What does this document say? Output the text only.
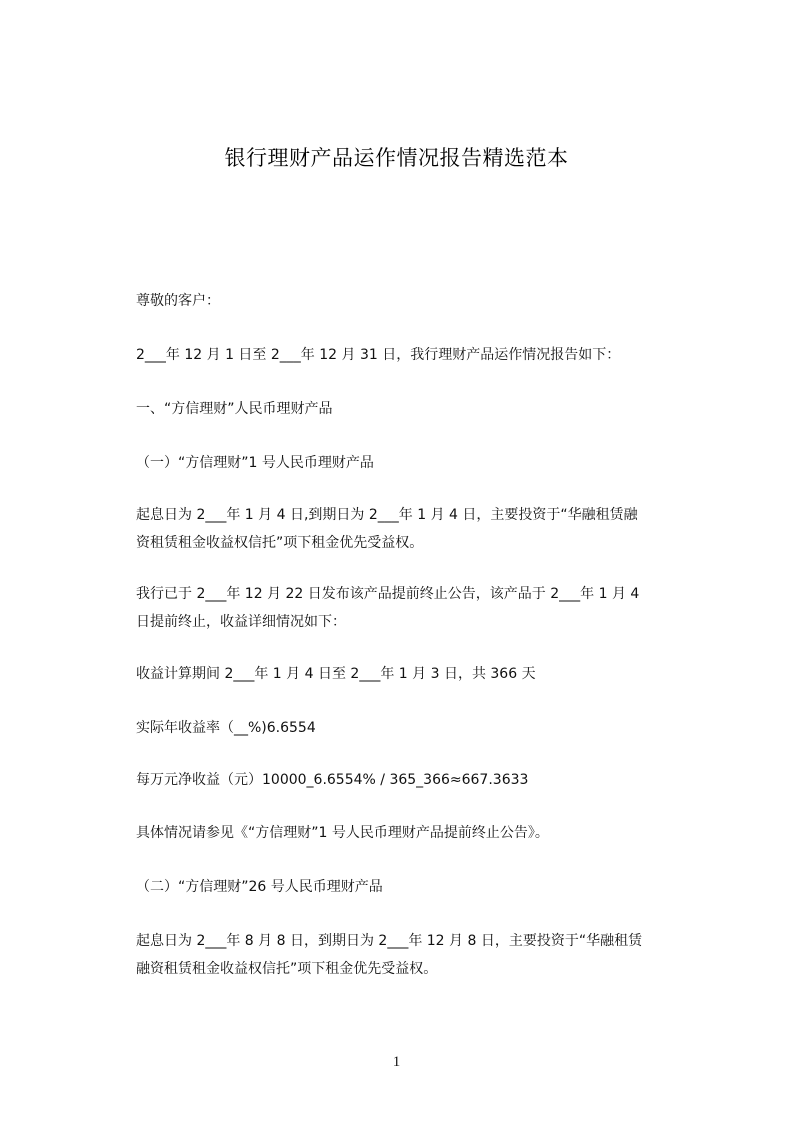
银行理财产品运作情况报告精选范本
尊敬的客户：
2___年 12 月 1 日至 2___年 12 月 31 日，我行理财产品运作情况报告如下：
一、“方信理财”人民币理财产品
（一）“方信理财”1 号人民币理财产品
起息日为 2___年 1 月 4 日,到期日为 2___年 1 月 4 日，主要投资于“华融租赁融
资租赁租金收益权信托”项下租金优先受益权。
我行已于 2___年 12 月 22 日发布该产品提前终止公告，该产品于 2___年 1 月 4
日提前终止，收益详细情况如下：
收益计算期间 2___年 1 月 4 日至 2___年 1 月 3 日，共 366 天
实际年收益率（__%)6.6554
每万元净收益（元）10000_6.6554% / 365_366≈667.3633
具体情况请参见《“方信理财”1 号人民币理财产品提前终止公告》。
（二）“方信理财”26 号人民币理财产品
起息日为 2___年 8 月 8 日，到期日为 2___年 12 月 8 日，主要投资于“华融租赁
融资租赁租金收益权信托”项下租金优先受益权。
1
